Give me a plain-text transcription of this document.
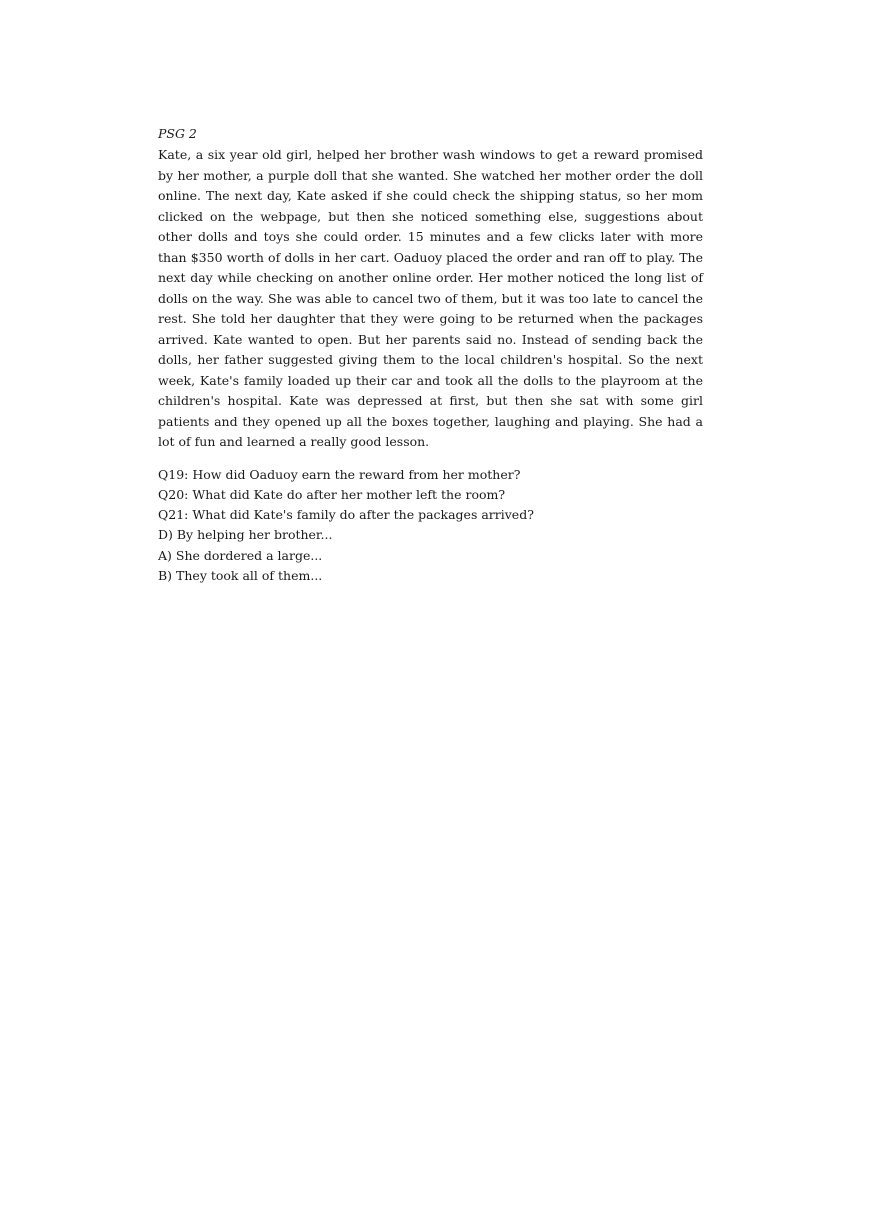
PSG 2

Kate, a six year old girl, helped her brother wash windows to get a reward promised by her mother, a purple doll that she wanted. She watched her mother order the doll online. The next day, Kate asked if she could check the shipping status, so her mom clicked on the webpage, but then she noticed something else, suggestions about other dolls and toys she could order. 15 minutes and a few clicks later with more than $350 worth of dolls in her cart. Oaduoy placed the order and ran off to play. The next day while checking on another online order. Her mother noticed the long list of dolls on the way. She was able to cancel two of them, but it was too late to cancel the rest. She told her daughter that they were going to be returned when the packages arrived. Kate wanted to open. But her parents said no. Instead of sending back the dolls, her father suggested giving them to the local children's hospital. So the next week, Kate's family loaded up their car and took all the dolls to the playroom at the children's hospital. Kate was depressed at first, but then she sat with some girl patients and they opened up all the boxes together, laughing and playing. She had a lot of fun and learned a really good lesson.

Q19: How did Oaduoy earn the reward from her mother?
Q20: What did Kate do after her mother left the room?
Q21: What did Kate's family do after the packages arrived?
D) By helping her brother...
A) She dordered a large...
B) They took all of them...
